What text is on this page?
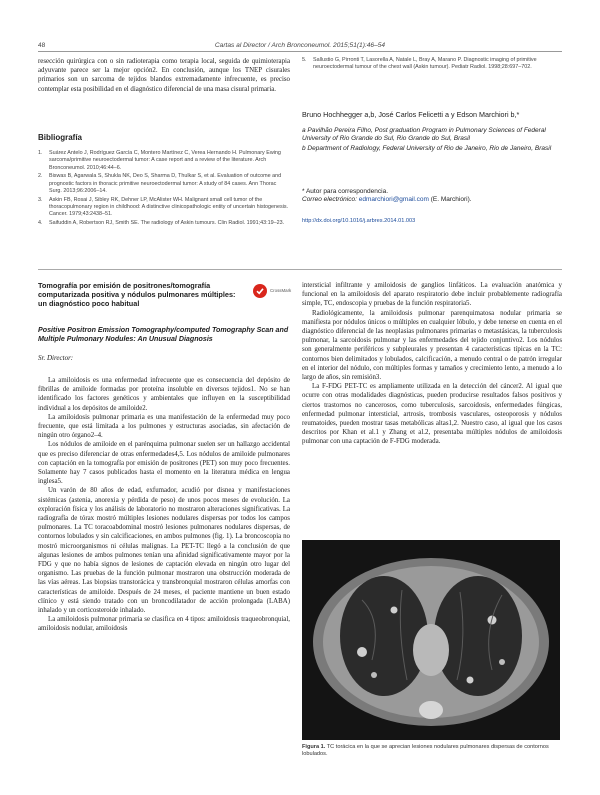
48	Cartas al Director / Arch Bronconeumol. 2015;51(1):46–54

resección quirúrgica con o sin radioterapia como terapia local, seguida de quimioterapia adyuvante parece ser la mejor opción2. En conclusión, aunque los TNEP cisurales primarios son un sarcoma de tejidos blandos extremadamente infrecuente, es preciso contemplar esta posibilidad en el diagnóstico diferencial de una masa cisural primaria.

Bibliografía
1. Suárez Antelo J, Rodríguez García C, Montero Martínez C, Verea Hernando H. Pulmonary Ewing sarcoma/primitive neuroectodermal tumor: A case report and a review of the literature. Arch Bronconeumol. 2010;46:44–6.
2. Biswas B, Agarwala S, Shukla NK, Deo S, Sharma D, Thulkar S, et al. Evaluation of outcome and prognostic factors in thoracic primitive neuroectodermal tumor: A study of 84 cases. Ann Thorac Surg. 2013;96:2006–14.
3. Askin FB, Rosai J, Sibley RK, Dehner LP, McAlister WH. Malignant small cell tumor of the thoracopulmonary region in childhood: A distinctive clinicopathologic entity of uncertain histogenesis. Cancer. 1979;43:2438–51.
4. Saifuddin A, Robertson RJ, Smith SE. The radiology of Askin tumours. Clin Radiol. 1991;43:19–23.
5. Sallustio G, Pirronti T, Lasorella A, Natale L, Bray A, Marano P. Diagnostic imaging of primitive neuroectodermal tumour of the chest wall (Askin tumour). Pediatr Radiol. 1998;28:697–702.
Bruno Hochhegger a,b, José Carlos Felicetti a y Edson Marchiori b,*
a Pavilhão Pereira Filho, Post graduation Program in Pulmonary Sciences of Federal University of Rio Grande do Sul, Rio Grande do Sul, Brasil
b Department of Radiology, Federal University of Rio de Janeiro, Rio de Janeiro, Brasil
* Autor para correspondencia.
Correo electrónico: edmarchiori@gmail.com (E. Marchiori).
http://dx.doi.org/10.1016/j.arbres.2014.01.003
Tomografía por emisión de positrones/tomografía computarizada positiva y nódulos pulmonares múltiples: un diagnóstico poco habitual
CrossMark
Positive Positron Emission Tomography/computed Tomography Scan and Multiple Pulmonary Nodules: An Unusual Diagnosis
Sr. Director:

La amiloidosis es una enfermedad infrecuente que es consecuencia del depósito de fibrillas de amiloide formadas por proteína insoluble en diversos tejidos1. No se han identificado los factores genéticos y ambientales que influyen en la susceptibilidad individual a los depósitos de amiloide2.

La amiloidosis pulmonar primaria es una manifestación de la enfermedad muy poco frecuente, que está limitada a los pulmones y estructuras asociadas, sin afectación de ningún otro órgano2–4.

Los nódulos de amiloide en el parénquima pulmonar suelen ser un hallazgo accidental que es preciso diferenciar de otras enfermedades4,5. Los nódulos de amiloide pulmonares con captación en la tomografía por emisión de positrones (PET) son muy poco frecuentes. Solamente hay 7 casos publicados hasta el momento en la literatura médica en lengua inglesa5.

Un varón de 80 años de edad, exfumador, acudió por disnea y manifestaciones sistémicas (astenia, anorexia y pérdida de peso) de unos pocos meses de evolución. La exploración física y los análisis de laboratorio no mostraron alteraciones significativas. La radiografía de tórax mostró múltiples lesiones nodulares dispersas por todos los campos pulmonares. La TC toracoabdominal mostró lesiones pulmonares nodulares dispersas, de contornos lobulados y sin calcificaciones, en ambos pulmones (fig. 1). La broncoscopia no mostró microorganismos ni células malignas. La PET-TC llegó a la conclusión de que algunas lesiones de ambos pulmones tenían una afinidad significativamente mayor por la FDG y que no había signos de lesiones de captación elevada en ningún otro lugar del organismo. Las pruebas de la función pulmonar mostraron una obstrucción moderada de las vías aéreas. Las biopsias transtorácica y transbronquial mostraron células amorfas con características de amiloide. Después de 24 meses, el paciente mantiene un buen estado clínico y está siendo tratado con un broncodilatador de acción prolongada (LABA) inhalado y un corticosteroide inhalado.

La amiloidosis pulmonar primaria se clasifica en 4 tipos: amiloidosis traqueobronquial, amiloidosis nodular, amiloidosis

intersticial infiltrante y amiloidosis de ganglios linfáticos. La evaluación anatómica y funcional en la amiloidosis del aparato respiratorio debe incluir probablemente radiografía simple, TC, endoscopia y pruebas de la función respiratoria5.

Radiológicamente, la amiloidosis pulmonar parenquimatosa nodular primaria se manifiesta por nódulos únicos o múltiples en cualquier lóbulo, y debe tenerse en cuenta en el diagnóstico diferencial de las neoplasias pulmonares primarias o metastásicas, la tuberculosis pulmonar, la sarcoidosis pulmonar y las enfermedades del tejido conjuntivo2. Los nódulos son generalmente periféricos y subpleurales y presentan 4 características típicas en la TC: contornos bien delimitados y lobulados, calcificación, a menudo central o de patrón irregular en el interior del nódulo, con múltiples formas y tamaños y crecimiento lento, a menudo a lo largo de años, sin remisión3.

La F-FDG PET-TC es ampliamente utilizada en la detección del cáncer2. Al igual que ocurre con otras modalidades diagnósticas, pueden producirse resultados falsos positivos y ciertos trastornos no cancerosos, como tuberculosis, sarcoidosis, enfermedades fúngicas, enfermedad pulmonar intersticial, artrosis, trombosis vasculares, osteoporosis y nódulos reumatoides, pueden mostrar tasas metabólicas altas1,2. Nuestro caso, al igual que los casos descritos por Khan et al.1 y Zhang et al.2, presentaba múltiples nódulos de amiloidosis pulmonar con una captación de F-FDG moderada.

Figura 1. TC torácica en la que se aprecian lesiones nodulares pulmonares dispersas de contornos lobulados.
